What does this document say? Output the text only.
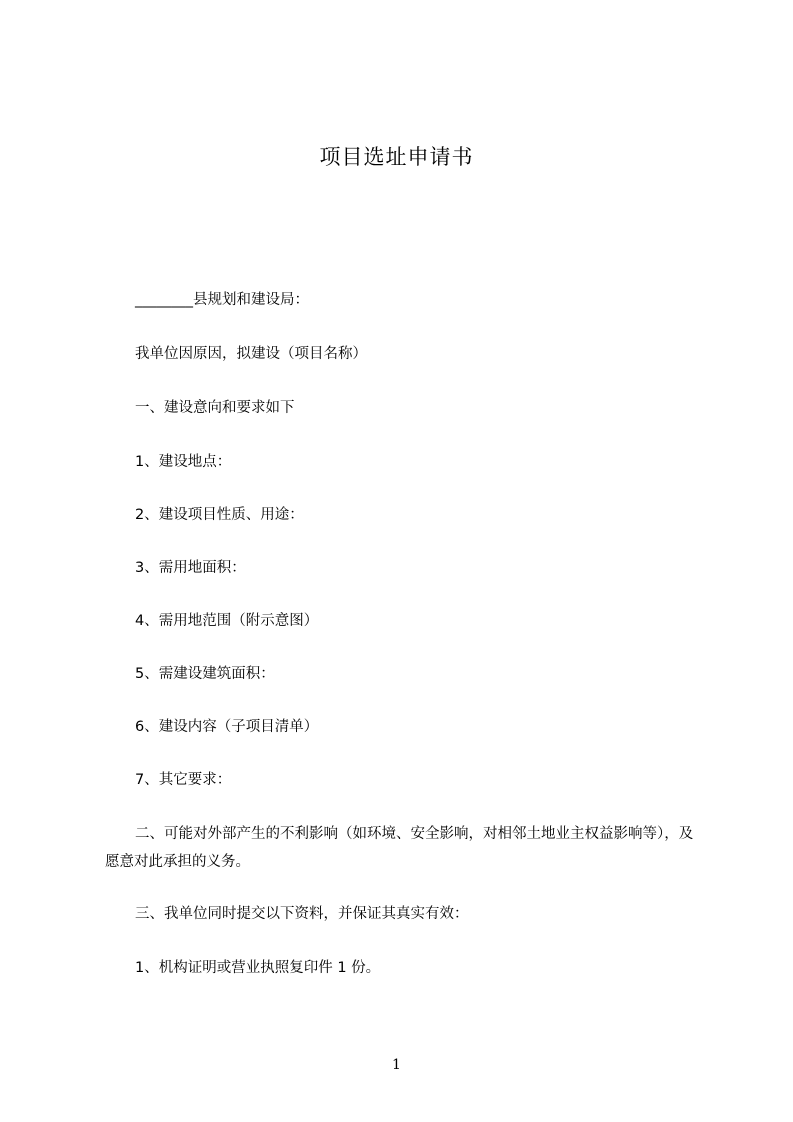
项目选址申请书
________县规划和建设局：
我单位因原因，拟建设（项目名称）
一、建设意向和要求如下
1、建设地点：
2、建设项目性质、用途：
3、需用地面积：
4、需用地范围（附示意图）
5、需建设建筑面积：
6、建设内容（子项目清单）
7、其它要求：
二、可能对外部产生的不利影响（如环境、安全影响，对相邻土地业主权益影响等），及愿意对此承担的义务。
三、我单位同时提交以下资料，并保证其真实有效：
1、机构证明或营业执照复印件 1 份。
1
